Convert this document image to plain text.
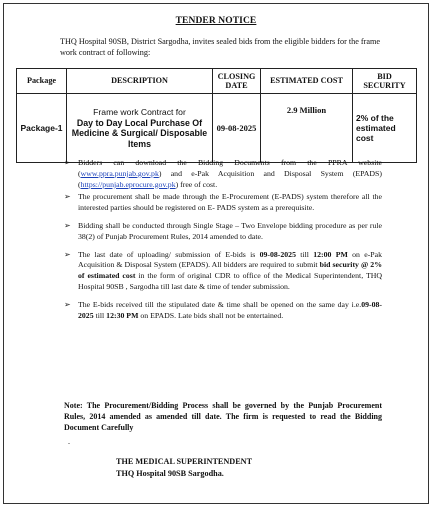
TENDER NOTICE
THQ Hospital 90SB, District Sargodha, invites sealed bids from the eligible bidders for the frame work contract of following:
Package	DESCRIPTION	CLOSING DATE	ESTIMATED COST	BID SECURITY
Package-1	Frame work Contract for
Day to Day Local Purchase Of Medicine & Surgical/ Disposable Items	09-08-2025	2.9 Million	2% of the estimated cost
➢ Bidders can download the Bidding Documents from the PPRA website (www.ppra.punjab.gov.pk) and e-Pak Acquisition and Disposal System (EPADS) (https://punjab.eprocure.gov.pk) free of cost.
➢ The procurement shall be made through the E-Procurement (E-PADS) system therefore all the interested parties should be registered on E- PADS system as a prerequisite.
➢ Bidding shall be conducted through Single Stage – Two Envelope bidding procedure as per rule 38(2) of Punjab Procurement Rules, 2014 amended to date.
➢ The last date of uploading/ submission of E-bids is 09-08-2025 till 12:00 PM on e-Pak Acquisition & Disposal System (EPADS). All bidders are required to submit bid security @ 2% of estimated cost in the form of original CDR to office of the Medical Superintendent, THQ Hospital 90SB , Sargodha till last date & time of tender submission.
➢ The E-bids received till the stipulated date & time shall be opened on the same day i.e.09-08-2025 till 12:30 PM on EPADS. Late bids shall not be entertained.
Note: The Procurement/Bidding Process shall be governed by the Punjab Procurement Rules, 2014 amended as amended till date. The firm is requested to read the Bidding Document Carefully
.
THE MEDICAL SUPERINTENDENT
THQ Hospital 90SB Sargodha.
